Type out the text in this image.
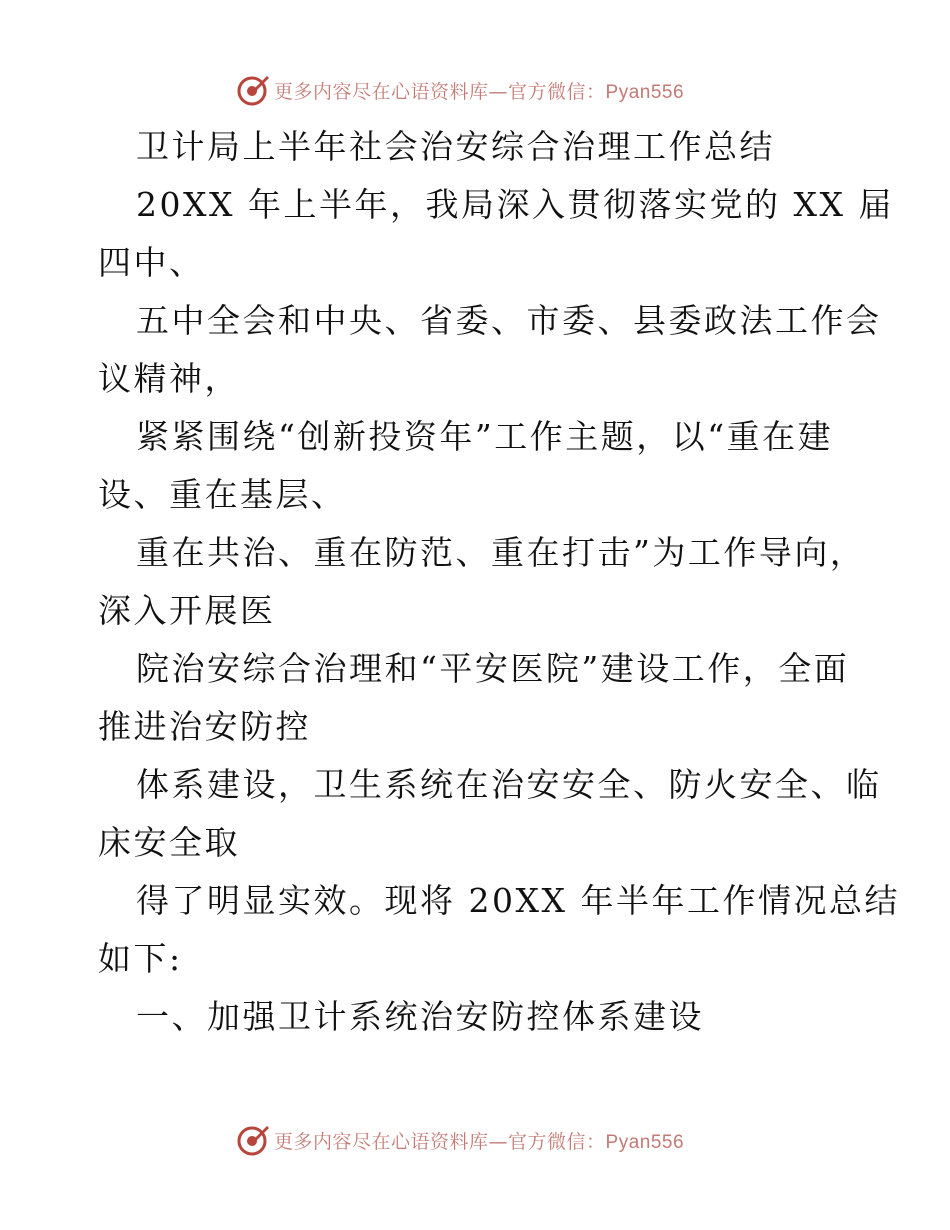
更多内容尽在心语资料库—官方微信：Pyan556
卫计局上半年社会治安综合治理工作总结
20XX 年上半年，我局深入贯彻落实党的 XX 届
四中、
五中全会和中央、省委、市委、县委政法工作会
议精神，
紧紧围绕“创新投资年”工作主题，以“重在建
设、重在基层、
重在共治、重在防范、重在打击”为工作导向，
深入开展医
院治安综合治理和“平安医院”建设工作，全面
推进治安防控
体系建设，卫生系统在治安安全、防火安全、临
床安全取
得了明显实效。现将 20XX 年半年工作情况总结
如下:
一、加强卫计系统治安防控体系建设
更多内容尽在心语资料库—官方微信：Pyan556
